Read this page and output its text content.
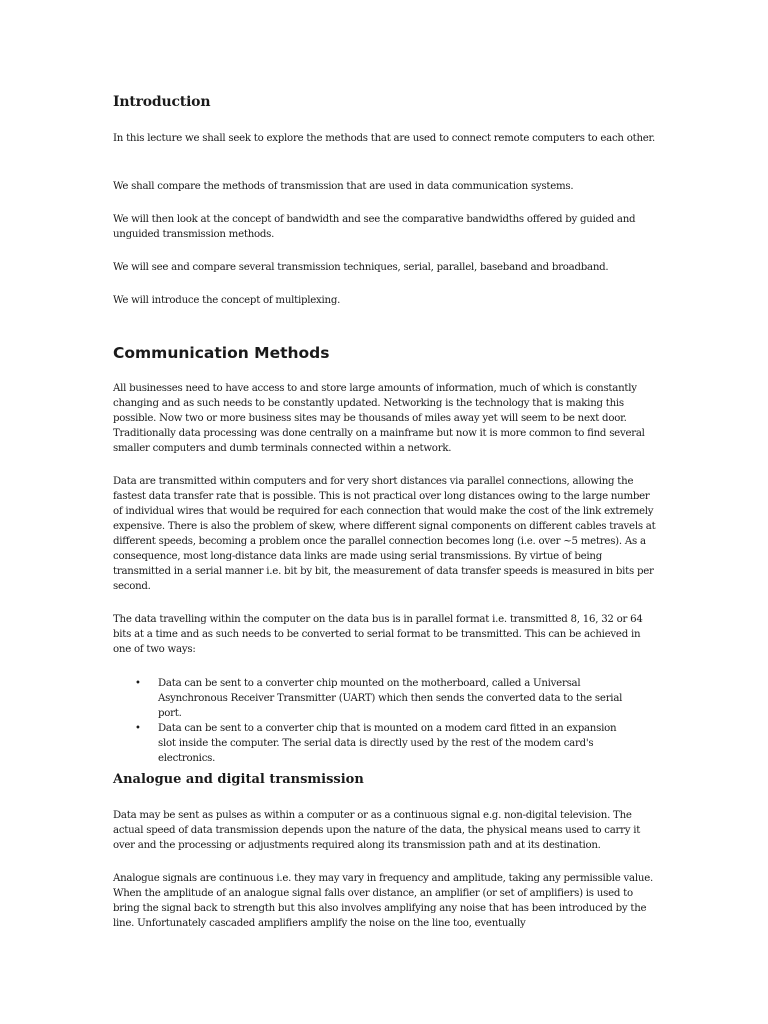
Introduction

In this lecture we shall seek to explore the methods that are used to connect remote computers to each other.

We shall compare the methods of transmission that are used in data communication systems.

We will then look at the concept of bandwidth and see the comparative bandwidths offered by guided and unguided transmission methods.

We will see and compare several transmission techniques, serial, parallel, baseband and broadband.

We will introduce the concept of multiplexing.

Communication Methods

All businesses need to have access to and store large amounts of information, much of which is constantly changing and as such needs to be constantly updated. Networking is the technology that is making this possible. Now two or more business sites may be thousands of miles away yet will seem to be next door. Traditionally data processing was done centrally on a mainframe but now it is more common to find several smaller computers and dumb terminals connected within a network.

Data are transmitted within computers and for very short distances via parallel connections, allowing the fastest data transfer rate that is possible. This is not practical over long distances owing to the large number of individual wires that would be required for each connection that would make the cost of the link extremely expensive. There is also the problem of skew, where different signal components on different cables travels at different speeds, becoming a problem once the parallel connection becomes long (i.e. over ~5 metres). As a consequence, most long-distance data links are made using serial transmissions. By virtue of being transmitted in a serial manner i.e. bit by bit, the measurement of data transfer speeds is measured in bits per second.

The data travelling within the computer on the data bus is in parallel format i.e. transmitted 8, 16, 32 or 64 bits at a time and as such needs to be converted to serial format to be transmitted. This can be achieved in one of two ways:

• Data can be sent to a converter chip mounted on the motherboard, called a Universal Asynchronous Receiver Transmitter (UART) which then sends the converted data to the serial port.
• Data can be sent to a converter chip that is mounted on a modem card fitted in an expansion slot inside the computer. The serial data is directly used by the rest of the modem card's electronics.
Analogue and digital transmission

Data may be sent as pulses as within a computer or as a continuous signal e.g. non-digital television. The actual speed of data transmission depends upon the nature of the data, the physical means used to carry it over and the processing or adjustments required along its transmission path and at its destination.

Analogue signals are continuous i.e. they may vary in frequency and amplitude, taking any permissible value. When the amplitude of an analogue signal falls over distance, an amplifier (or set of amplifiers) is used to bring the signal back to strength but this also involves amplifying any noise that has been introduced by the line. Unfortunately cascaded amplifiers amplify the noise on the line too, eventually
